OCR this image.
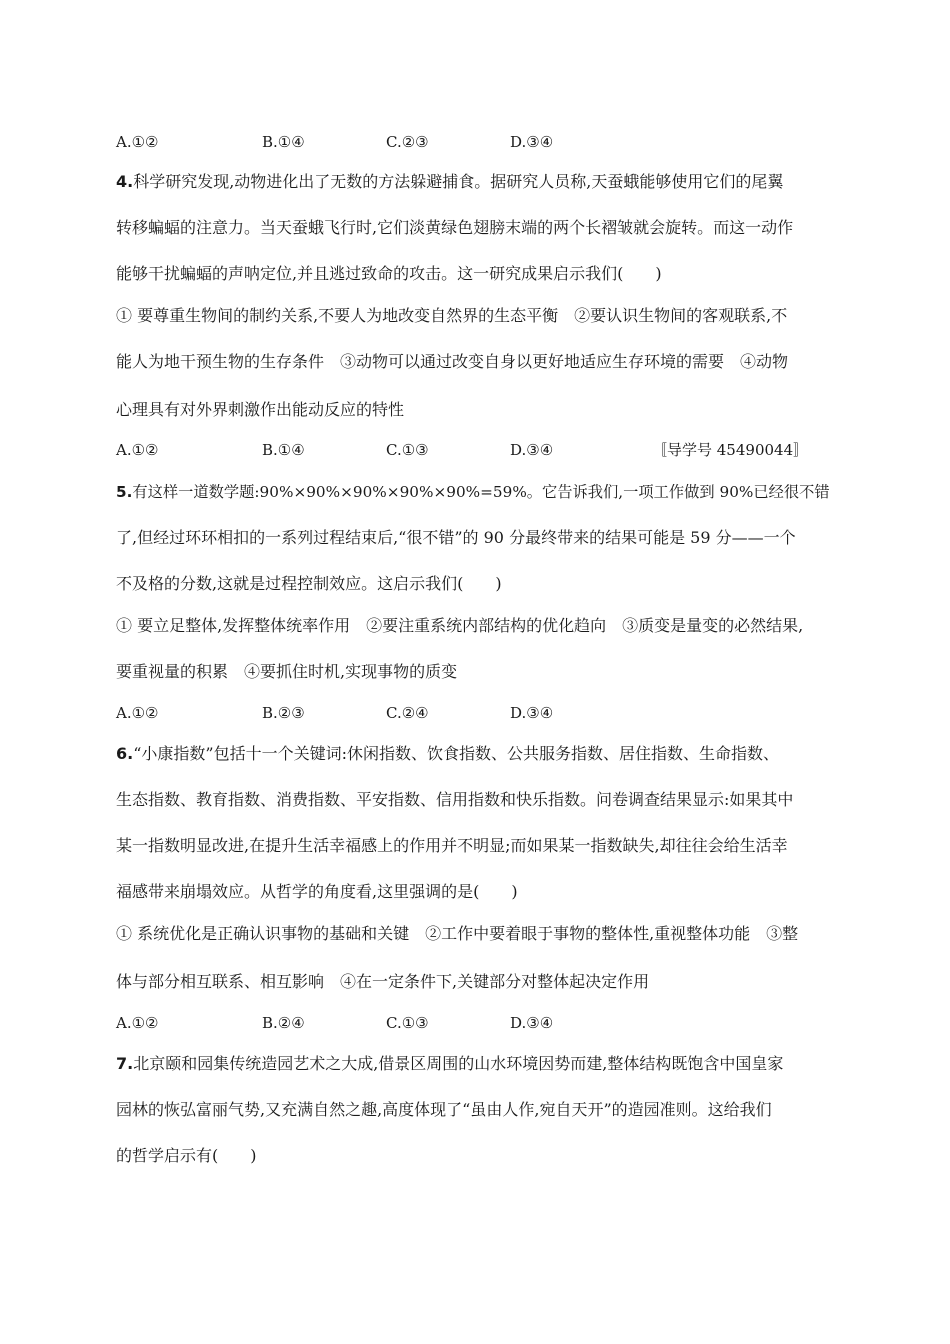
A.①②	B.①④	C.②③	D.③④
4.科学研究发现,动物进化出了无数的方法躲避捕食。据研究人员称,天蚕蛾能够使用它们的尾翼
转移蝙蝠的注意力。当天蚕蛾飞行时,它们淡黄绿色翅膀末端的两个长褶皱就会旋转。而这一动作
能够干扰蝙蝠的声呐定位,并且逃过致命的攻击。这一研究成果启示我们(　　)
① 要尊重生物间的制约关系,不要人为地改变自然界的生态平衡　②要认识生物间的客观联系,不
能人为地干预生物的生存条件　③动物可以通过改变自身以更好地适应生存环境的需要　④动物
心理具有对外界刺激作出能动反应的特性
A.①②	B.①④	C.①③	D.③④	〚导学号 45490044〛
5.有这样一道数学题:90%×90%×90%×90%×90%=59%。它告诉我们,一项工作做到 90%已经很不错
了,但经过环环相扣的一系列过程结束后,“很不错”的 90 分最终带来的结果可能是 59 分——一个
不及格的分数,这就是过程控制效应。这启示我们(　　)
① 要立足整体,发挥整体统率作用　②要注重系统内部结构的优化趋向　③质变是量变的必然结果,
要重视量的积累　④要抓住时机,实现事物的质变
A.①②	B.②③	C.②④	D.③④
6.“小康指数”包括十一个关键词:休闲指数、饮食指数、公共服务指数、居住指数、生命指数、
生态指数、教育指数、消费指数、平安指数、信用指数和快乐指数。问卷调查结果显示:如果其中
某一指数明显改进,在提升生活幸福感上的作用并不明显;而如果某一指数缺失,却往往会给生活幸
福感带来崩塌效应。从哲学的角度看,这里强调的是(　　)
① 系统优化是正确认识事物的基础和关键　②工作中要着眼于事物的整体性,重视整体功能　③整
体与部分相互联系、相互影响　④在一定条件下,关键部分对整体起决定作用
A.①②	B.②④	C.①③	D.③④
7.北京颐和园集传统造园艺术之大成,借景区周围的山水环境因势而建,整体结构既饱含中国皇家
园林的恢弘富丽气势,又充满自然之趣,高度体现了“虽由人作,宛自天开”的造园准则。这给我们
的哲学启示有(　　)
